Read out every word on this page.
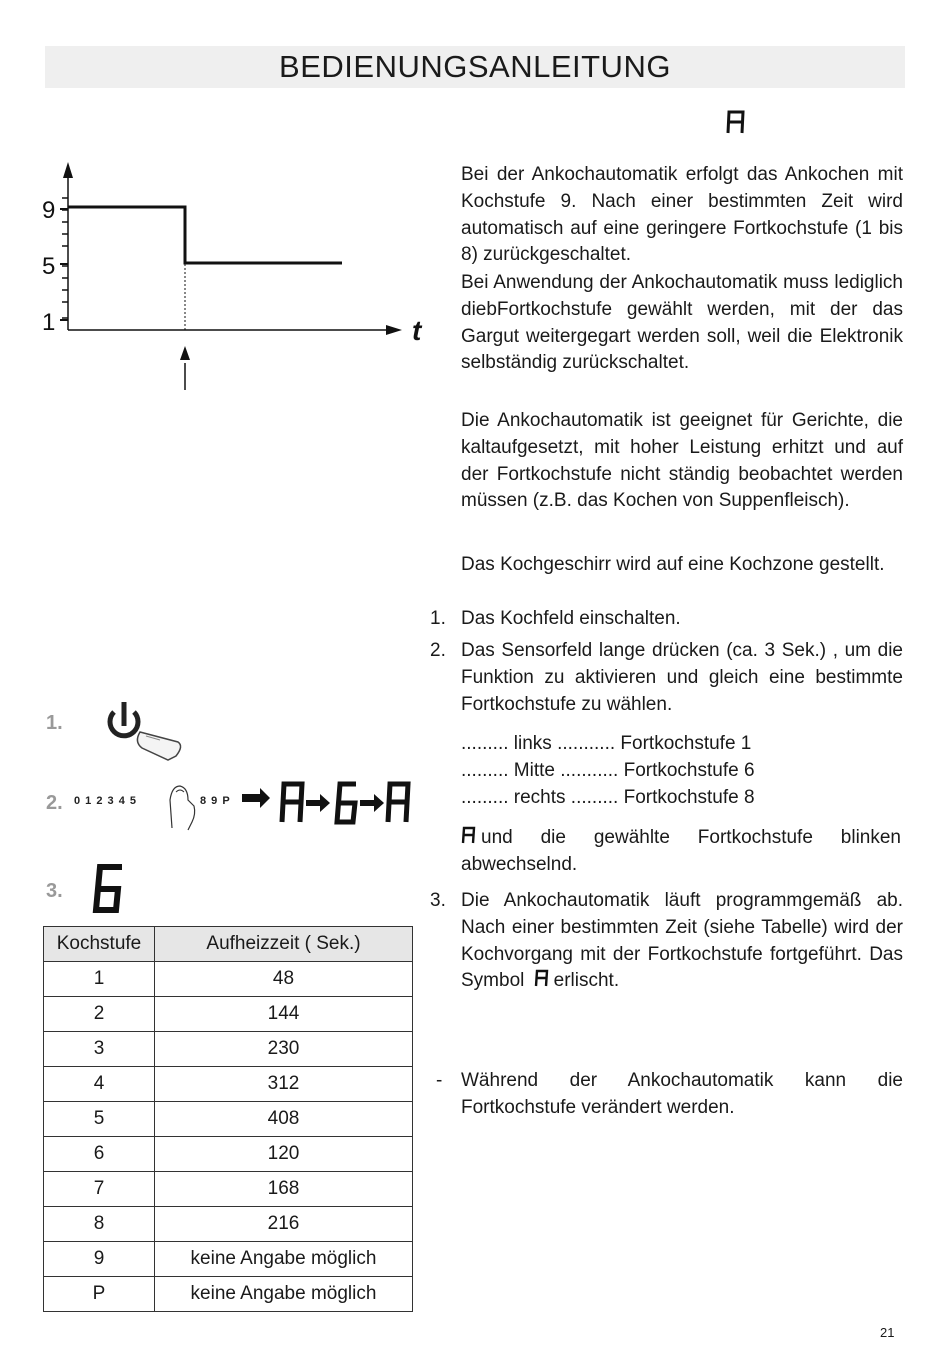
BEDIENUNGSANLEITUNG
9
5
1	t
Bei der Ankochautomatik erfolgt das Ankochen mit Kochstufe 9. Nach einer bestimmten Zeit wird automatisch auf eine geringere Fortkochstufe (1 bis 8) zurückgeschaltet.
Bei Anwendung der Ankochautomatik muss lediglich diebFortkochstufe gewählt werden, mit der das Gargut weitergegart werden soll, weil die Elektronik selbständig zurückschaltet.
Die Ankochautomatik ist geeignet für Gerichte, die kaltaufgesetzt, mit hoher Leistung erhitzt und auf der Fortkochstufe nicht ständig beobachtet werden müssen (z.B. das Kochen von Suppenfleisch).
Das Kochgeschirr wird auf eine Kochzone gestellt.
1. Das Kochfeld einschalten.
2. Das Sensorfeld lange drücken (ca. 3 Sek.) , um die Funktion zu aktivieren und gleich eine bestimmte Fortkochstufe zu wählen.
......... links ........... Fortkochstufe 1
......... Mitte ........... Fortkochstufe 6
......... rechts ......... Fortkochstufe 8
und die gewählte Fortkochstufe blinken abwechselnd.
3. Die Ankochautomatik läuft programmgemäß ab. Nach einer bestimmten Zeit (siehe Tabelle) wird der Kochvorgang mit der Fortkochstufe fortgeführt. Das Symbol erlischt.
- Während der Ankochautomatik kann die Fortkochstufe verändert werden.
1.
2. 0 1 2 3 4 5	8 9 P
3.
Kochstufe	Aufheizzeit ( Sek.)
1	48
2	144
3	230
4	312
5	408
6	120
7	168
8	216
9	keine Angabe möglich
P	keine Angabe möglich
21
